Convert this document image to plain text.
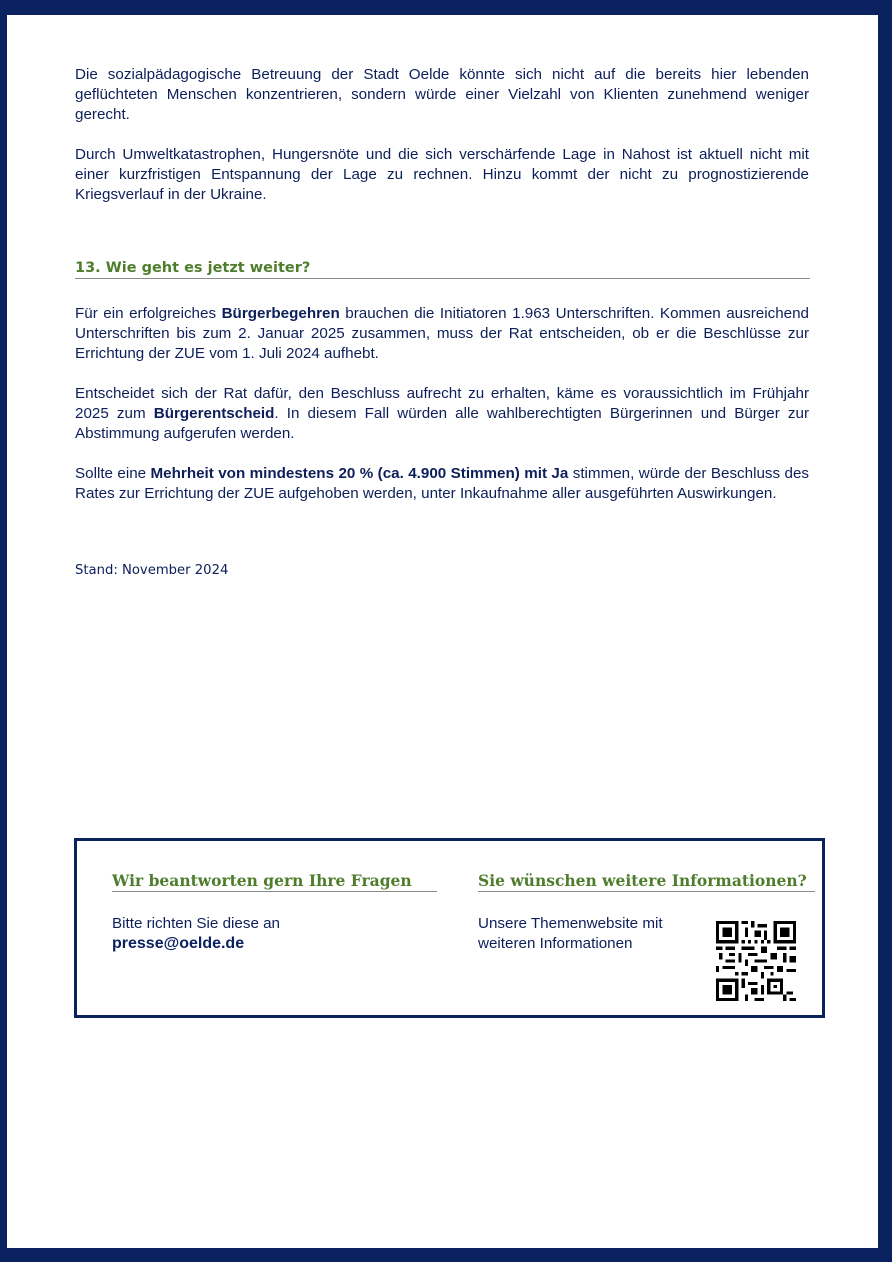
Die sozialpädagogische Betreuung der Stadt Oelde könnte sich nicht auf die bereits hier lebenden geflüchteten Menschen konzentrieren, sondern würde einer Vielzahl von Klienten zunehmend weniger gerecht.

Durch Umweltkatastrophen, Hungersnöte und die sich verschärfende Lage in Nahost ist aktuell nicht mit einer kurzfristigen Entspannung der Lage zu rechnen. Hinzu kommt der nicht zu prognostizierende Kriegsverlauf in der Ukraine.

13. Wie geht es jetzt weiter?

Für ein erfolgreiches Bürgerbegehren brauchen die Initiatoren 1.963 Unterschriften. Kommen ausreichend Unterschriften bis zum 2. Januar 2025 zusammen, muss der Rat entscheiden, ob er die Beschlüsse zur Errichtung der ZUE vom 1. Juli 2024 aufhebt.

Entscheidet sich der Rat dafür, den Beschluss aufrecht zu erhalten, käme es voraussichtlich im Frühjahr 2025 zum Bürgerentscheid. In diesem Fall würden alle wahlberechtigten Bürgerinnen und Bürger zur Abstimmung aufgerufen werden.

Sollte eine Mehrheit von mindestens 20 % (ca. 4.900 Stimmen) mit Ja stimmen, würde der Beschluss des Rates zur Errichtung der ZUE aufgehoben werden, unter Inkaufnahme aller ausgeführten Auswirkungen.

Stand: November 2024
Wir beantworten gern Ihre Fragen
Bitte richten Sie diese an
presse@oelde.de
Sie wünschen weitere Informationen?
Unsere Themenwebsite mit
weiteren Informationen
